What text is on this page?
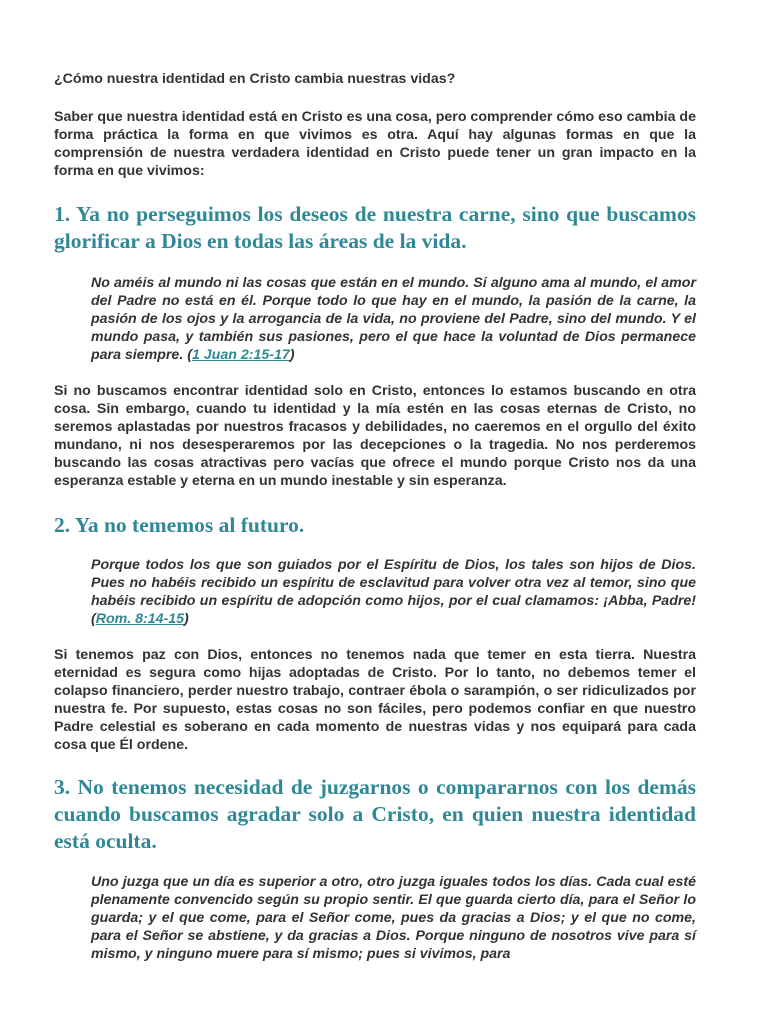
¿Cómo nuestra identidad en Cristo cambia nuestras vidas?

Saber que nuestra identidad está en Cristo es una cosa, pero comprender cómo eso cambia de forma práctica la forma en que vivimos es otra. Aquí hay algunas formas en que la comprensión de nuestra verdadera identidad en Cristo puede tener un gran impacto en la forma en que vivimos:

1. Ya no perseguimos los deseos de nuestra carne, sino que buscamos glorificar a Dios en todas las áreas de la vida.

No améis al mundo ni las cosas que están en el mundo. Si alguno ama al mundo, el amor del Padre no está en él. Porque todo lo que hay en el mundo, la pasión de la carne, la pasión de los ojos y la arrogancia de la vida, no proviene del Padre, sino del mundo. Y el mundo pasa, y también sus pasiones, pero el que hace la voluntad de Dios permanece para siempre. (1 Juan 2:15-17)

Si no buscamos encontrar identidad solo en Cristo, entonces lo estamos buscando en otra cosa. Sin embargo, cuando tu identidad y la mía estén en las cosas eternas de Cristo, no seremos aplastadas por nuestros fracasos y debilidades, no caeremos en el orgullo del éxito mundano, ni nos desesperaremos por las decepciones o la tragedia. No nos perderemos buscando las cosas atractivas pero vacías que ofrece el mundo porque Cristo nos da una esperanza estable y eterna en un mundo inestable y sin esperanza.

2. Ya no tememos al futuro.

Porque todos los que son guiados por el Espíritu de Dios, los tales son hijos de Dios. Pues no habéis recibido un espíritu de esclavitud para volver otra vez al temor, sino que habéis recibido un espíritu de adopción como hijos, por el cual clamamos: ¡Abba, Padre! (Rom. 8:14-15)

Si tenemos paz con Dios, entonces no tenemos nada que temer en esta tierra. Nuestra eternidad es segura como hijas adoptadas de Cristo. Por lo tanto, no debemos temer el colapso financiero, perder nuestro trabajo, contraer ébola o sarampión, o ser ridiculizados por nuestra fe. Por supuesto, estas cosas no son fáciles, pero podemos confiar en que nuestro Padre celestial es soberano en cada momento de nuestras vidas y nos equipará para cada cosa que Él ordene.

3. No tenemos necesidad de juzgarnos o compararnos con los demás cuando buscamos agradar solo a Cristo, en quien nuestra identidad está oculta.

Uno juzga que un día es superior a otro, otro juzga iguales todos los días. Cada cual esté plenamente convencido según su propio sentir. El que guarda cierto día, para el Señor lo guarda; y el que come, para el Señor come, pues da gracias a Dios; y el que no come, para el Señor se abstiene, y da gracias a Dios. Porque ninguno de nosotros vive para sí mismo, y ninguno muere para sí mismo; pues si vivimos, para
